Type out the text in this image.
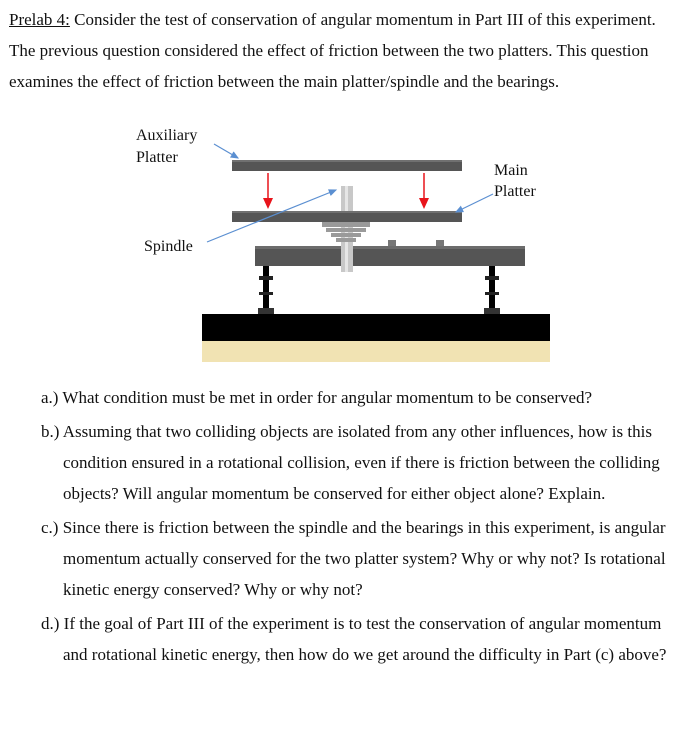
Prelab 4: Consider the test of conservation of angular momentum in Part III of this experiment. The previous question considered the effect of friction between the two platters. This question examines the effect of friction between the main platter/spindle and the bearings.
Auxiliary
Platter
Main
Platter
Spindle
a.) What condition must be met in order for angular momentum to be conserved?
b.) Assuming that two colliding objects are isolated from any other influences, how is this condition ensured in a rotational collision, even if there is friction between the colliding objects? Will angular momentum be conserved for either object alone? Explain.
c.) Since there is friction between the spindle and the bearings in this experiment, is angular momentum actually conserved for the two platter system? Why or why not? Is rotational kinetic energy conserved? Why or why not?
d.) If the goal of Part III of the experiment is to test the conservation of angular momentum and rotational kinetic energy, then how do we get around the difficulty in Part (c) above?
